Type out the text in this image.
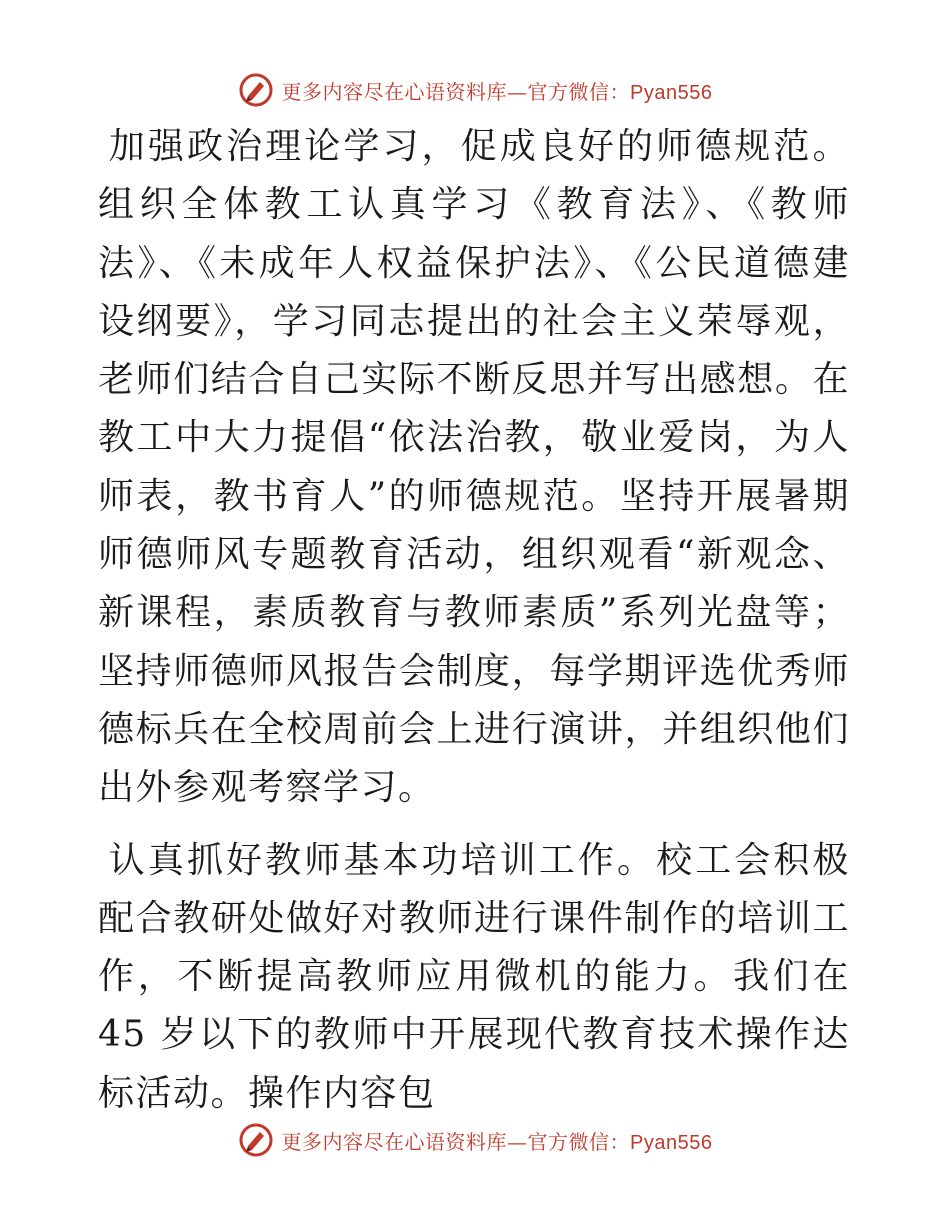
更多内容尽在心语资料库—官方微信：Pyan556

加强政治理论学习，促成良好的师德规范。组织全体教工认真学习《教育法》、《教师法》、《未成年人权益保护法》、《公民道德建设纲要》，学习同志提出的社会主义荣辱观，老师们结合自己实际不断反思并写出感想。在教工中大力提倡“依法治教，敬业爱岗，为人师表，教书育人”的师德规范。坚持开展暑期师德师风专题教育活动，组织观看“新观念、新课程，素质教育与教师素质”系列光盘等；坚持师德师风报告会制度，每学期评选优秀师德标兵在全校周前会上进行演讲，并组织他们出外参观考察学习。

认真抓好教师基本功培训工作。校工会积极配合教研处做好对教师进行课件制作的培训工作，不断提高教师应用微机的能力。我们在 45 岁以下的教师中开展现代教育技术操作达标活动。操作内容包

更多内容尽在心语资料库—官方微信：Pyan556
